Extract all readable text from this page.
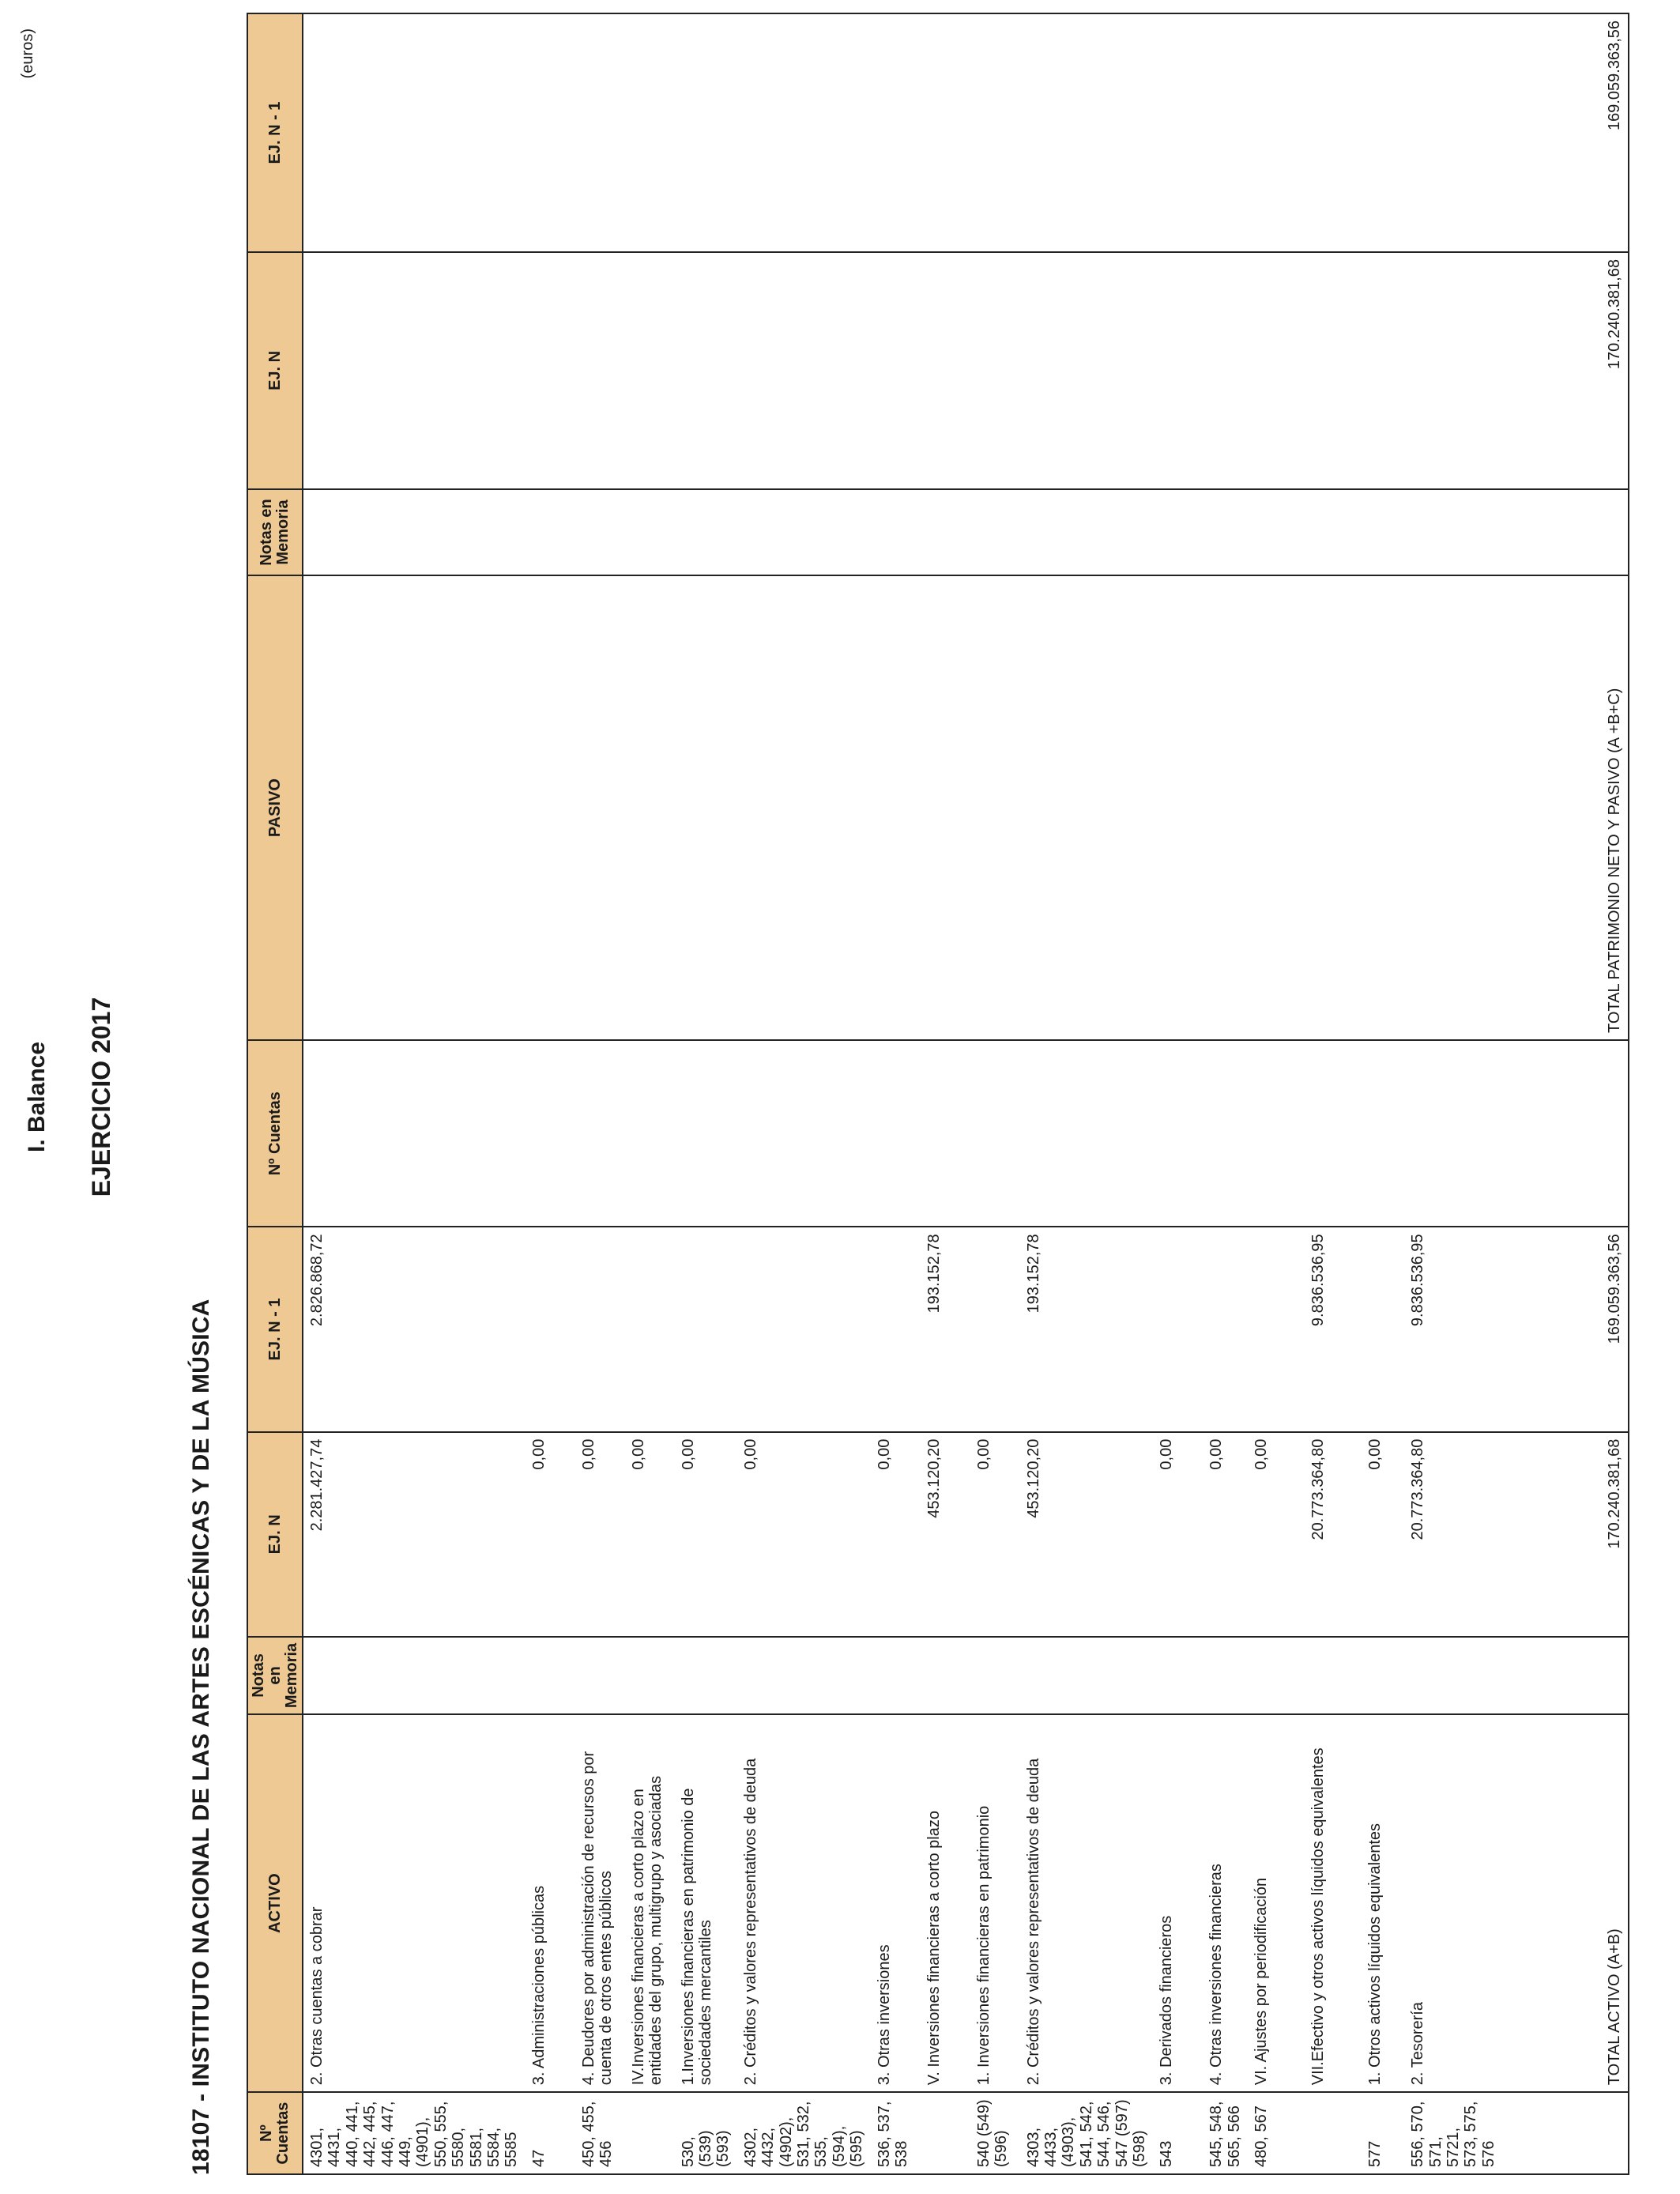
I. Balance EJERCICIO 2017
18107 - INSTITUTO NACIONAL DE LAS ARTES ESCÉNICAS Y DE LA MÚSICA
(euros)
Nº Cuentas	ACTIVO	Notas en Memoria	EJ. N	EJ. N - 1	Nº Cuentas	PASIVO	Notas en Memoria	EJ. N	EJ. N - 1
4301, 4431, 440, 441, 442, 445, 446, 447, 449, (4901), 550, 555, 5580, 5581, 5584, 5585	2. Otras cuentas a cobrar		2.281.427,74	2.826.868,72					
47	3. Administraciones públicas		0,00						
450, 455, 456	4. Deudores por administración de recursos por cuenta de otros entes públicos		0,00						
	IV.Inversiones financieras a corto plazo en entidades del grupo, multigrupo y asociadas		0,00						
530, (539) (593)	1.Inversiones financieras en patrimonio de sociedades mercantiles		0,00						
4302, 4432, (4902), 531, 532, 535, (594), (595)	2. Créditos y valores representativos de deuda		0,00						
536, 537, 538	3. Otras inversiones		0,00						
	V. Inversiones financieras a corto plazo		453.120,20	193.152,78					
540 (549) (596)	1. Inversiones financieras en patrimonio		0,00						
4303, 4433, (4903), 541, 542, 544, 546, 547 (597) (598)	2. Créditos y valores representativos de deuda		453.120,20	193.152,78					
543	3. Derivados financieros		0,00						
545, 548, 565, 566	4. Otras inversiones financieras		0,00						
480, 567	VI. Ajustes por periodificación		0,00						
	VII.Efectivo y otros activos líquidos equivalentes		20.773.364,80	9.836.536,95					
577	1. Otros activos líquidos equivalentes		0,00						
556, 570, 571, 5721, 573, 575, 576	2. Tesorería		20.773.364,80	9.836.536,95					
	TOTAL ACTIVO (A+B)		170.240.381,68	169.059.363,56		TOTAL PATRIMONIO NETO Y PASIVO (A +B+C)		170.240.381,68	169.059.363,56
